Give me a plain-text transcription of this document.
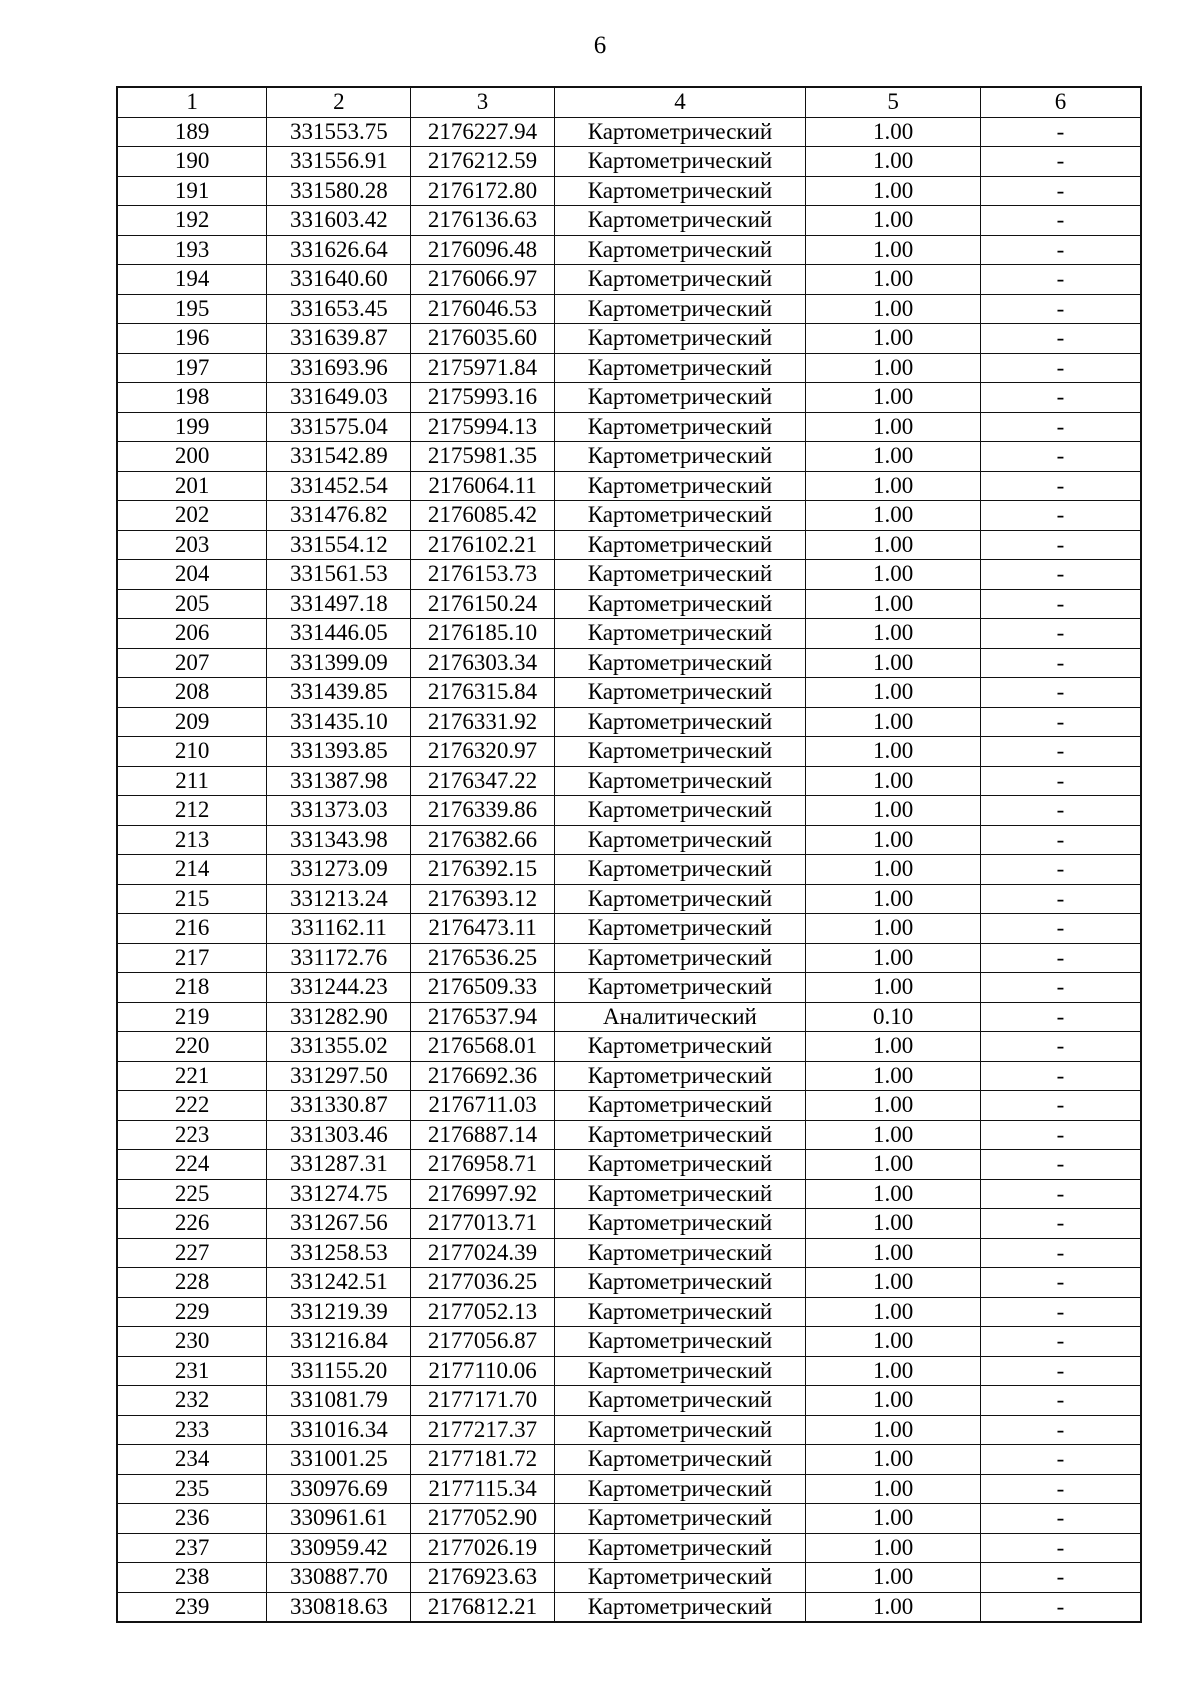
6
1	2	3	4	5	6
189	331553.75	2176227.94	Картометрический	1.00	-
190	331556.91	2176212.59	Картометрический	1.00	-
191	331580.28	2176172.80	Картометрический	1.00	-
192	331603.42	2176136.63	Картометрический	1.00	-
193	331626.64	2176096.48	Картометрический	1.00	-
194	331640.60	2176066.97	Картометрический	1.00	-
195	331653.45	2176046.53	Картометрический	1.00	-
196	331639.87	2176035.60	Картометрический	1.00	-
197	331693.96	2175971.84	Картометрический	1.00	-
198	331649.03	2175993.16	Картометрический	1.00	-
199	331575.04	2175994.13	Картометрический	1.00	-
200	331542.89	2175981.35	Картометрический	1.00	-
201	331452.54	2176064.11	Картометрический	1.00	-
202	331476.82	2176085.42	Картометрический	1.00	-
203	331554.12	2176102.21	Картометрический	1.00	-
204	331561.53	2176153.73	Картометрический	1.00	-
205	331497.18	2176150.24	Картометрический	1.00	-
206	331446.05	2176185.10	Картометрический	1.00	-
207	331399.09	2176303.34	Картометрический	1.00	-
208	331439.85	2176315.84	Картометрический	1.00	-
209	331435.10	2176331.92	Картометрический	1.00	-
210	331393.85	2176320.97	Картометрический	1.00	-
211	331387.98	2176347.22	Картометрический	1.00	-
212	331373.03	2176339.86	Картометрический	1.00	-
213	331343.98	2176382.66	Картометрический	1.00	-
214	331273.09	2176392.15	Картометрический	1.00	-
215	331213.24	2176393.12	Картометрический	1.00	-
216	331162.11	2176473.11	Картометрический	1.00	-
217	331172.76	2176536.25	Картометрический	1.00	-
218	331244.23	2176509.33	Картометрический	1.00	-
219	331282.90	2176537.94	Аналитический	0.10	-
220	331355.02	2176568.01	Картометрический	1.00	-
221	331297.50	2176692.36	Картометрический	1.00	-
222	331330.87	2176711.03	Картометрический	1.00	-
223	331303.46	2176887.14	Картометрический	1.00	-
224	331287.31	2176958.71	Картометрический	1.00	-
225	331274.75	2176997.92	Картометрический	1.00	-
226	331267.56	2177013.71	Картометрический	1.00	-
227	331258.53	2177024.39	Картометрический	1.00	-
228	331242.51	2177036.25	Картометрический	1.00	-
229	331219.39	2177052.13	Картометрический	1.00	-
230	331216.84	2177056.87	Картометрический	1.00	-
231	331155.20	2177110.06	Картометрический	1.00	-
232	331081.79	2177171.70	Картометрический	1.00	-
233	331016.34	2177217.37	Картометрический	1.00	-
234	331001.25	2177181.72	Картометрический	1.00	-
235	330976.69	2177115.34	Картометрический	1.00	-
236	330961.61	2177052.90	Картометрический	1.00	-
237	330959.42	2177026.19	Картометрический	1.00	-
238	330887.70	2176923.63	Картометрический	1.00	-
239	330818.63	2176812.21	Картометрический	1.00	-
